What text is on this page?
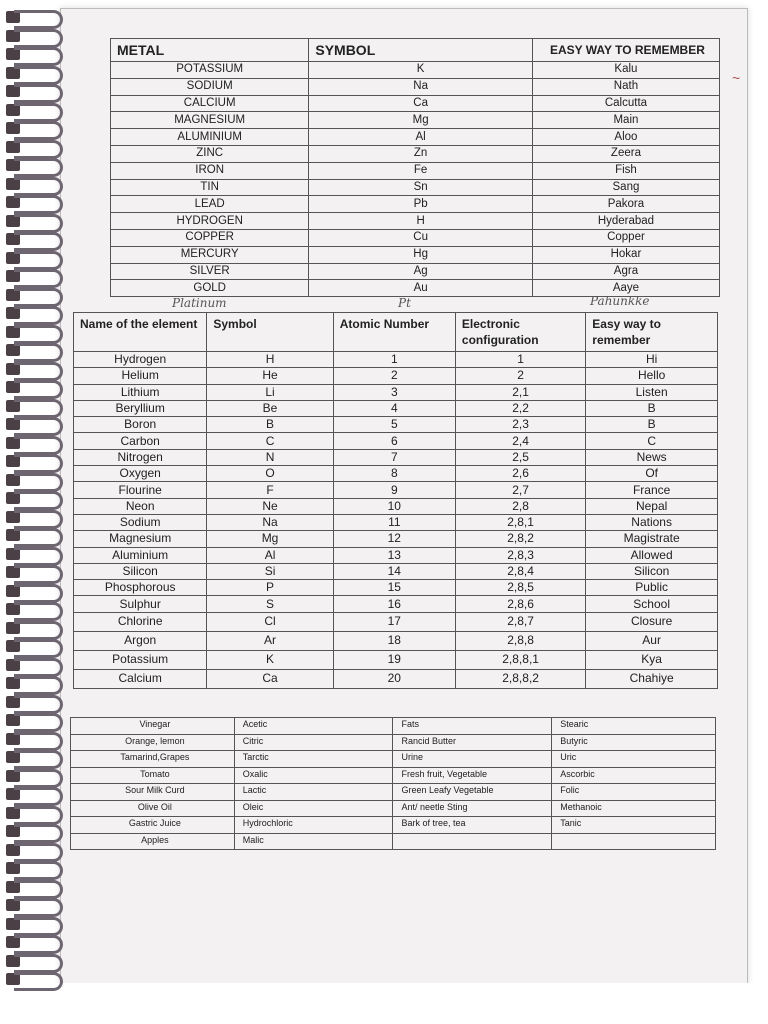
~
METAL	SYMBOL	EASY WAY TO REMEMBER
POTASSIUM	K	Kalu
SODIUM	Na	Nath
CALCIUM	Ca	Calcutta
MAGNESIUM	Mg	Main
ALUMINIUM	Al	Aloo
ZINC	Zn	Zeera
IRON	Fe	Fish
TIN	Sn	Sang
LEAD	Pb	Pakora
HYDROGEN	H	Hyderabad
COPPER	Cu	Copper
MERCURY	Hg	Hokar
SILVER	Ag	Agra
GOLD	Au	Aaye
Platinum	Pt	Pahunkke
Name of the element	Symbol	Atomic Number	Electronic configuration	Easy way to remember
Hydrogen	H	1	1	Hi
Helium	He	2	2	Hello
Lithium	Li	3	2,1	Listen
Beryllium	Be	4	2,2	B
Boron	B	5	2,3	B
Carbon	C	6	2,4	C
Nitrogen	N	7	2,5	News
Oxygen	O	8	2,6	Of
Flourine	F	9	2,7	France
Neon	Ne	10	2,8	Nepal
Sodium	Na	11	2,8,1	Nations
Magnesium	Mg	12	2,8,2	Magistrate
Aluminium	Al	13	2,8,3	Allowed
Silicon	Si	14	2,8,4	Silicon
Phosphorous	P	15	2,8,5	Public
Sulphur	S	16	2,8,6	School
Chlorine	Cl	17	2,8,7	Closure
Argon	Ar	18	2,8,8	Aur
Potassium	K	19	2,8,8,1	Kya
Calcium	Ca	20	2,8,8,2	Chahiye
Vinegar	Acetic	Fats	Stearic
Orange, lemon	Citric	Rancid Butter	Butyric
Tamarind,Grapes	Tarctic	Urine	Uric
Tomato	Oxalic	Fresh fruit, Vegetable	Ascorbic
Sour Milk Curd	Lactic	Green Leafy Vegetable	Folic
Olive Oil	Oleic	Ant/ neetle Sting	Methanoic
Gastric Juice	Hydrochloric	Bark of tree, tea	Tanic
Apples	Malic		
